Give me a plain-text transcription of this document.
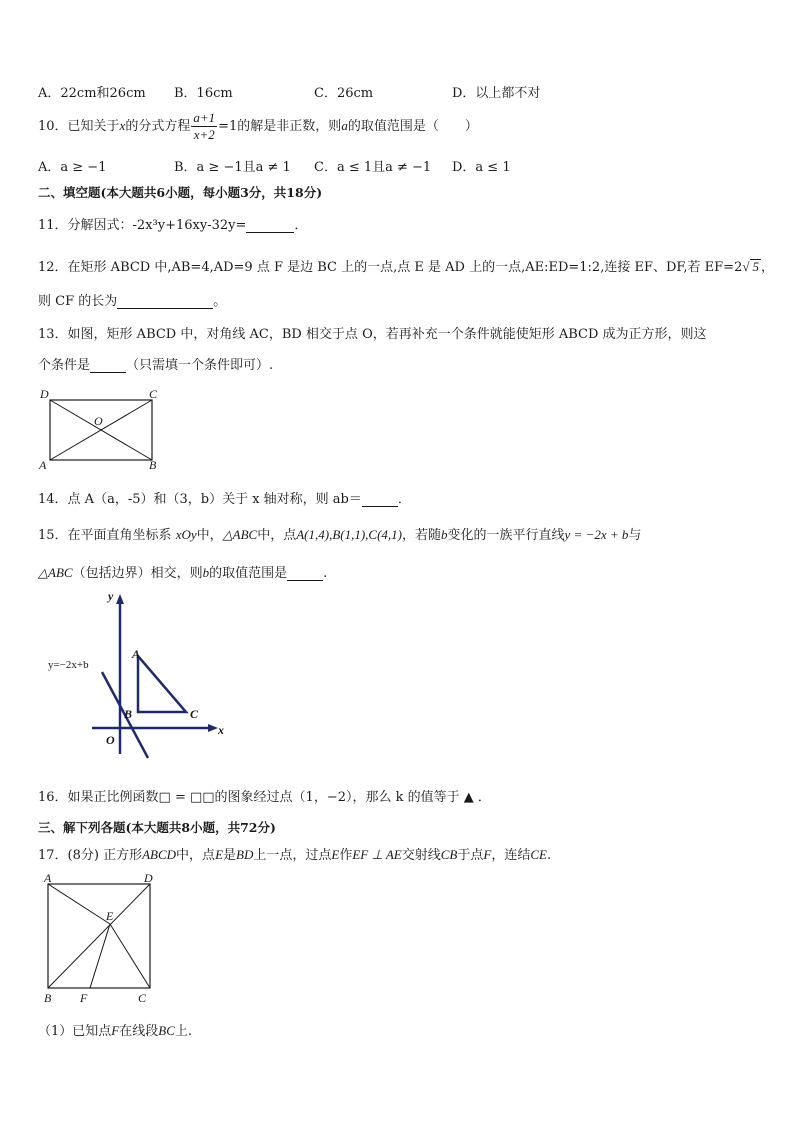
A．22cm和26cm B．16cm	C．26cm	D．以上都不对
10．已知关于x的分式方程 $\frac{a+1}{x+2} =1$的解是非正数，则a的取值范围是（　　）
A．a ≥ −1	B．a ≥ −1且a ≠ 1 C．a ≤ 1且a ≠ −1 D．a ≤ 1
二、填空题(本大题共6小题，每小题3分，共18分)
11．分解因式：-2x³y+16xy-32y=	．
12．在矩形 ABCD 中,AB=4,AD=9 点 F 是边 BC 上的一点,点 E 是 AD 上的一点,AE:ED=1:2,连接 EF、DF,若 EF=2√ 5 ，
则 CF 的长为	。
13．如图，矩形 ABCD 中，对角线 AC，BD 相交于点 O，若再补充一个条件就能使矩形 ABCD 成为正方形，则这
个条件是	（只需填一个条件即可）.
D	C
O
A	B
14．点 A（a，-5）和（3，b）关于 x 轴对称，则 ab＝	．
15．在平面直角坐标系 xOy中，△ABC中，点A(1,4),B(1,1),C(4,1)，若随b变化的一族平行直线y = −2x + b与
△ABC（包括边界）相交，则b的取值范围是	.
y
x
O
A
B	C
y=−2x+b
16．如果正比例函数□ = □□的图象经过点（1，−2），那么 k 的值等于 ▲ ．
三、解下列各题(本大题共8小题，共72分)
17．(8分) 正方形ABCD中，点E是BD上一点，过点E作EF ⊥ AE交射线CB于点F，连结CE.
A	D
E
B F	C
（1）已知点F在线段BC上.
